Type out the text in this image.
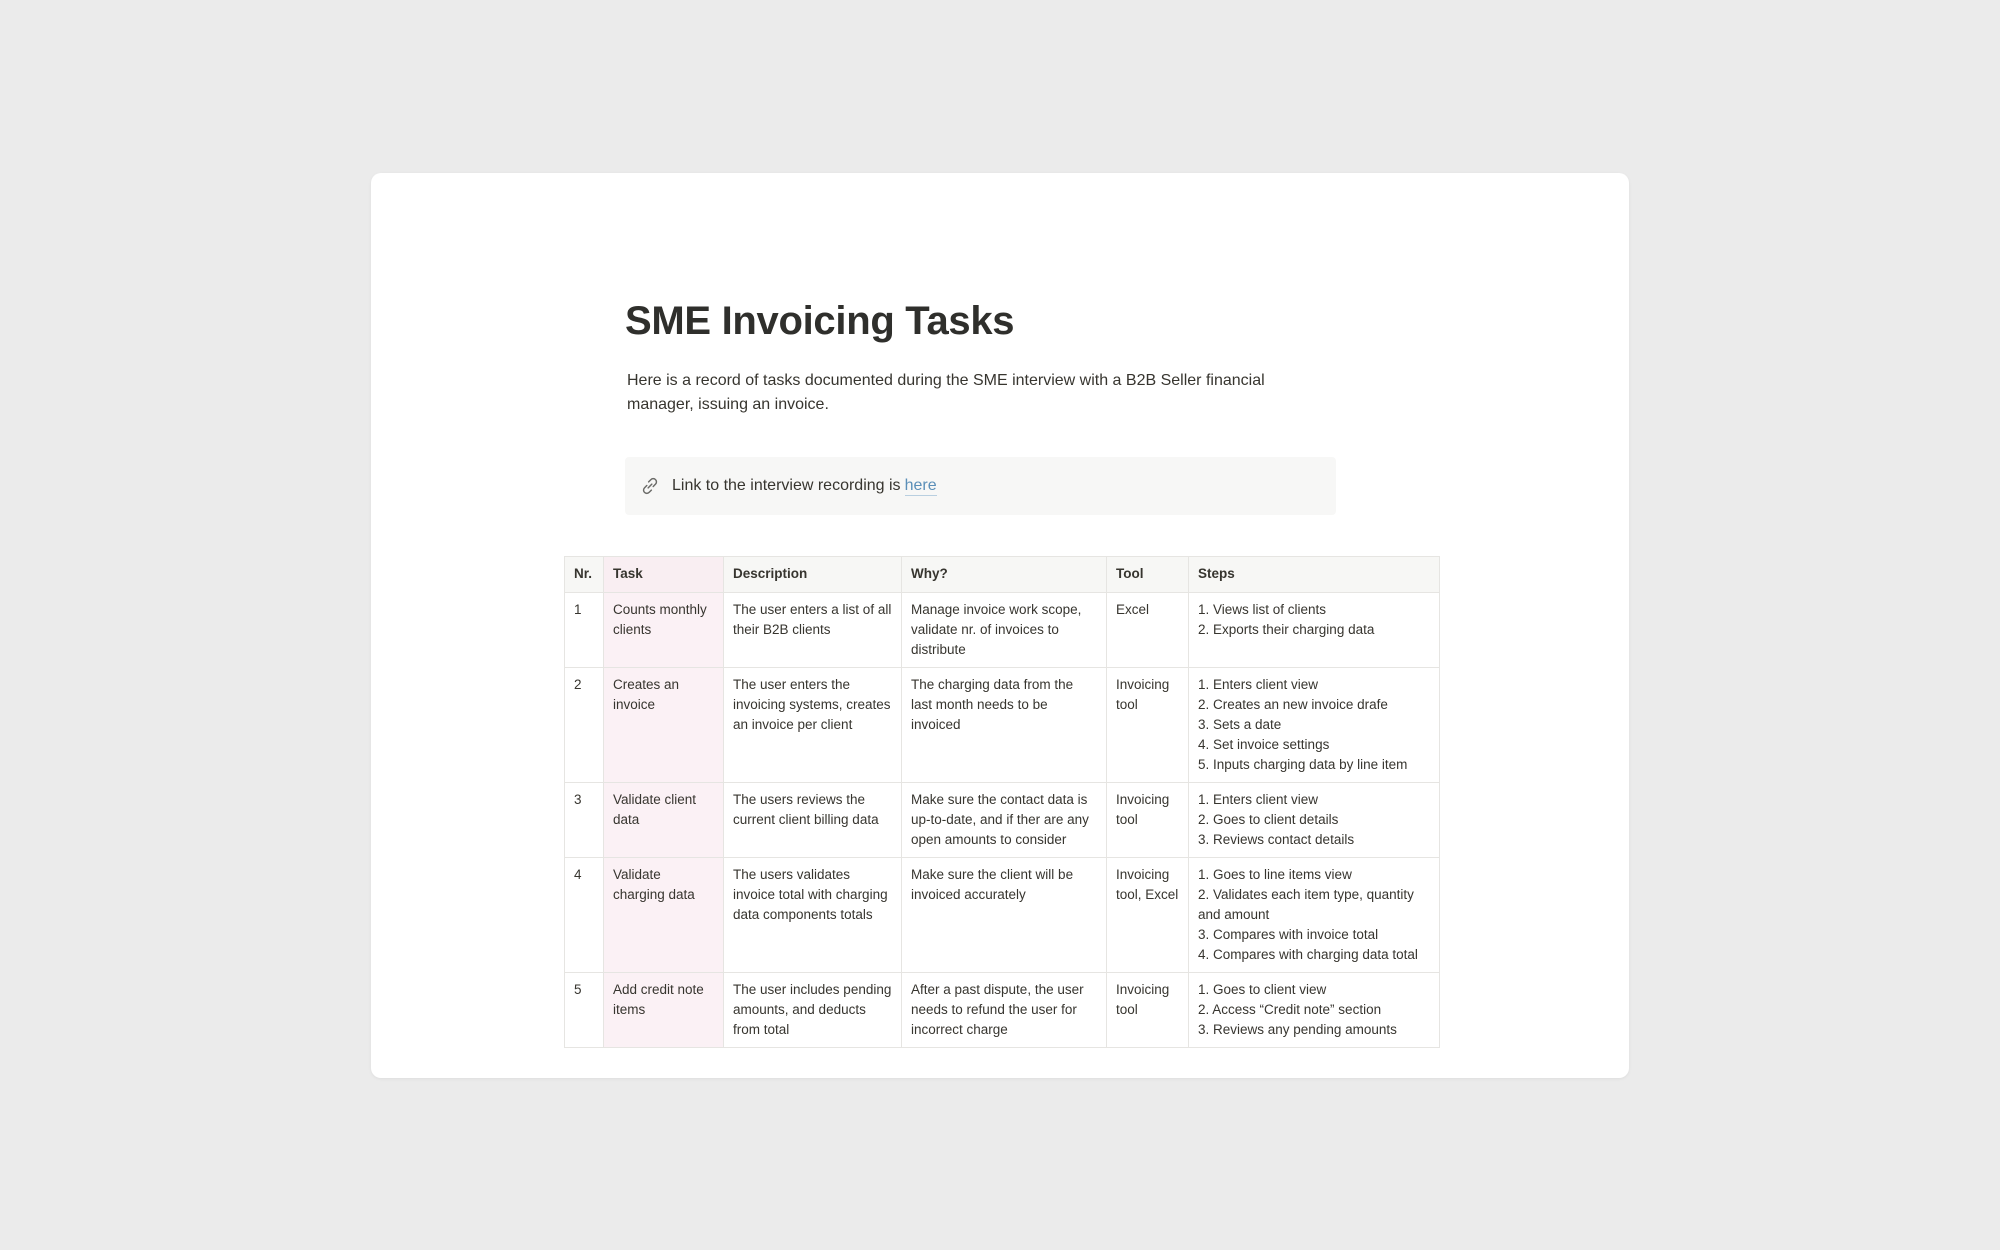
SME Invoicing Tasks

Here is a record of tasks documented during the SME interview with a B2B Seller financial manager, issuing an invoice.

Link to the interview recording is here
Nr.	Task	Description	Why?	Tool	Steps
1	Counts monthly clients	The user enters a list of all their B2B clients	Manage invoice work scope, validate nr. of invoices to distribute	Excel	1. Views list of clients
2. Exports their charging data

2	Creates an invoice	The user enters the invoicing systems, creates an invoice per client	The charging data from the last month needs to be invoiced	Invoicing tool	1. Enters client view
2. Creates an new invoice drafe
3. Sets a date
4. Set invoice settings
5. Inputs charging data by line item

3	Validate client data	The users reviews the current client billing data	Make sure the contact data is up-to-date, and if ther are any open amounts to consider	Invoicing tool	1. Enters client view
2. Goes to client details
3. Reviews contact details

4	Validate charging data	The users validates invoice total with charging data components totals	Make sure the client will be invoiced accurately	Invoicing tool, Excel	1. Goes to line items view
2. Validates each item type, quantity and amount
3. Compares with invoice total
4. Compares with charging data total

5	Add credit note items	The user includes pending amounts, and deducts from total	After a past dispute, the user needs to refund the user for incorrect charge	Invoicing tool	1. Goes to client view
2. Access “Credit note” section
3. Reviews any pending amounts
